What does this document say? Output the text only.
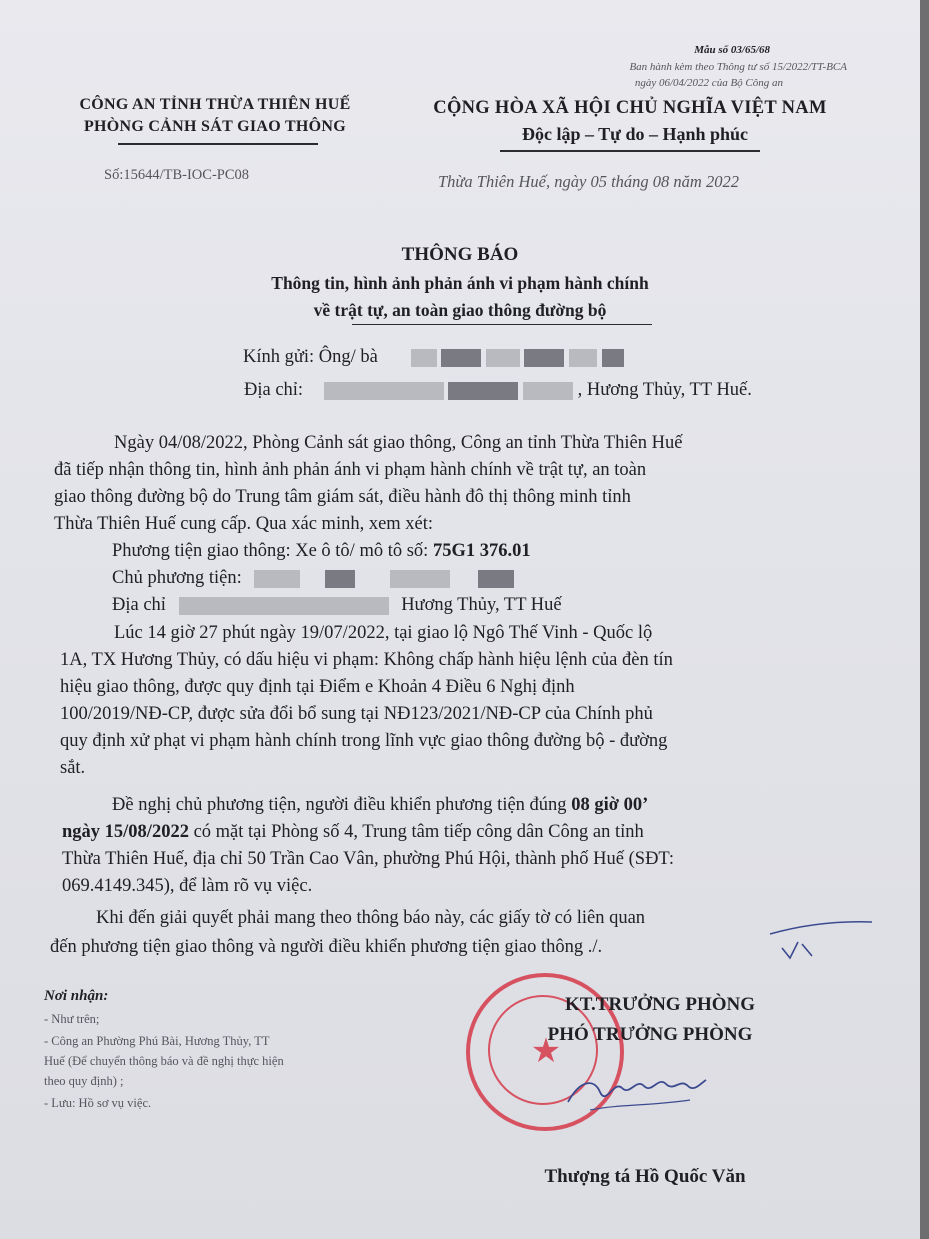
Mẫu số 03/65/68
Ban hành kèm theo Thông tư số 15/2022/TT-BCA
ngày 06/04/2022 của Bộ Công an
CÔNG AN TỈNH THỪA THIÊN HUẾ
PHÒNG CẢNH SÁT GIAO THÔNG
Số:15644/TB-IOC-PC08
CỘNG HÒA XÃ HỘI CHỦ NGHĨA VIỆT NAM
Độc lập – Tự do – Hạnh phúc
Thừa Thiên Huế, ngày 05 tháng 08 năm 2022
THÔNG BÁO
Thông tin, hình ảnh phản ánh vi phạm hành chính
về trật tự, an toàn giao thông đường bộ
Kính gửi: Ông/ bà
Địa chỉ:	, Hương Thủy, TT Huế.
Ngày 04/08/2022, Phòng Cảnh sát giao thông, Công an tỉnh Thừa Thiên Huế
đã tiếp nhận thông tin, hình ảnh phản ánh vi phạm hành chính về trật tự, an toàn
giao thông đường bộ do Trung tâm giám sát, điều hành đô thị thông minh tỉnh
Thừa Thiên Huế cung cấp. Qua xác minh, xem xét:
Phương tiện giao thông: Xe ô tô/ mô tô số: 75G1 376.01
Chủ phương tiện:
Địa chỉ	Hương Thủy, TT Huế
Lúc 14 giờ 27 phút ngày 19/07/2022, tại giao lộ Ngô Thế Vinh - Quốc lộ
1A, TX Hương Thủy, có dấu hiệu vi phạm: Không chấp hành hiệu lệnh của đèn tín
hiệu giao thông, được quy định tại Điểm e Khoản 4 Điều 6 Nghị định
100/2019/NĐ-CP, được sửa đổi bổ sung tại NĐ123/2021/NĐ-CP của Chính phủ
quy định xử phạt vi phạm hành chính trong lĩnh vực giao thông đường bộ - đường
sắt.
Đề nghị chủ phương tiện, người điều khiển phương tiện đúng 08 giờ 00’
ngày 15/08/2022 có mặt tại Phòng số 4, Trung tâm tiếp công dân Công an tỉnh
Thừa Thiên Huế, địa chỉ 50 Trần Cao Vân, phường Phú Hội, thành phố Huế (SĐT:
069.4149.345), để làm rõ vụ việc.
Khi đến giải quyết phải mang theo thông báo này, các giấy tờ có liên quan
đến phương tiện giao thông và người điều khiển phương tiện giao thông ./.
Nơi nhận:
- Như trên;
- Công an Phường Phú Bài, Hương Thủy, TT
Huế (Để chuyển thông báo và đề nghị thực hiện
theo quy định) ;
- Lưu: Hồ sơ vụ việc.
★
KT.TRƯỞNG PHÒNG
PHÓ TRƯỞNG PHÒNG
Thượng tá Hồ Quốc Văn
